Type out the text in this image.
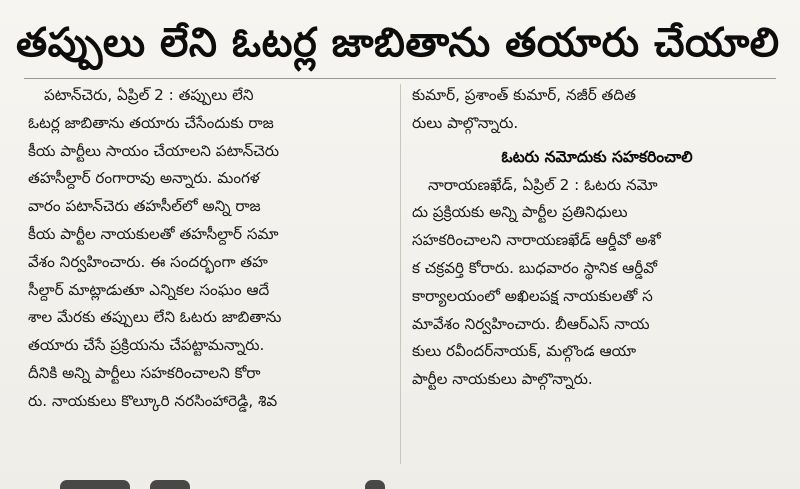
తప్పులు లేని ఓటర్ల జాబితాను తయారు చేయాలి
పటాన్‌చెరు, ఏప్రిల్ 2 : తప్పులు లేని
ఓటర్ల జాబితాను తయారు చేసేందుకు రాజ
కీయ పార్టీలు సాయం చేయాలని పటాన్‌చెరు
తహసీల్దార్ రంగారావు అన్నారు. మంగళ
వారం పటాన్‌చెరు తహసీల్‌లో అన్ని రాజ
కీయ పార్టీల నాయకులతో తహసీల్దార్ సమా
వేశం నిర్వహించారు. ఈ సందర్భంగా తహ
సీల్దార్ మాట్లాడుతూ ఎన్నికల సంఘం ఆదే
శాల మేరకు తప్పులు లేని ఓటరు జాబితాను
తయారు చేసే ప్రక్రియను చేపట్టామన్నారు.
దీనికి అన్ని పార్టీలు సహకరించాలని కోరా
రు. నాయకులు కొల్కూరి నరసింహారెడ్డి, శివ
కుమార్, ప్రశాంత్ కుమార్, నజీర్ తదిత
రులు పాల్గొన్నారు.
ఓటరు నమోదుకు సహకరించాలి
నారాయణఖేడ్, ఏప్రిల్ 2 : ఓటరు నమో
దు ప్రక్రియకు అన్ని పార్టీల ప్రతినిధులు
సహకరించాలని నారాయణఖేడ్ ఆర్డీవో అశో
క చక్రవర్తి కోరారు. బుధవారం స్థానిక ఆర్డీవో
కార్యాలయంలో అఖిలపక్ష నాయకులతో స
మావేశం నిర్వహించారు. బీఆర్ఎస్ నాయ
కులు రవీందర్‌నాయక్, మల్గొండ ఆయా
పార్టీల నాయకులు పాల్గొన్నారు.
